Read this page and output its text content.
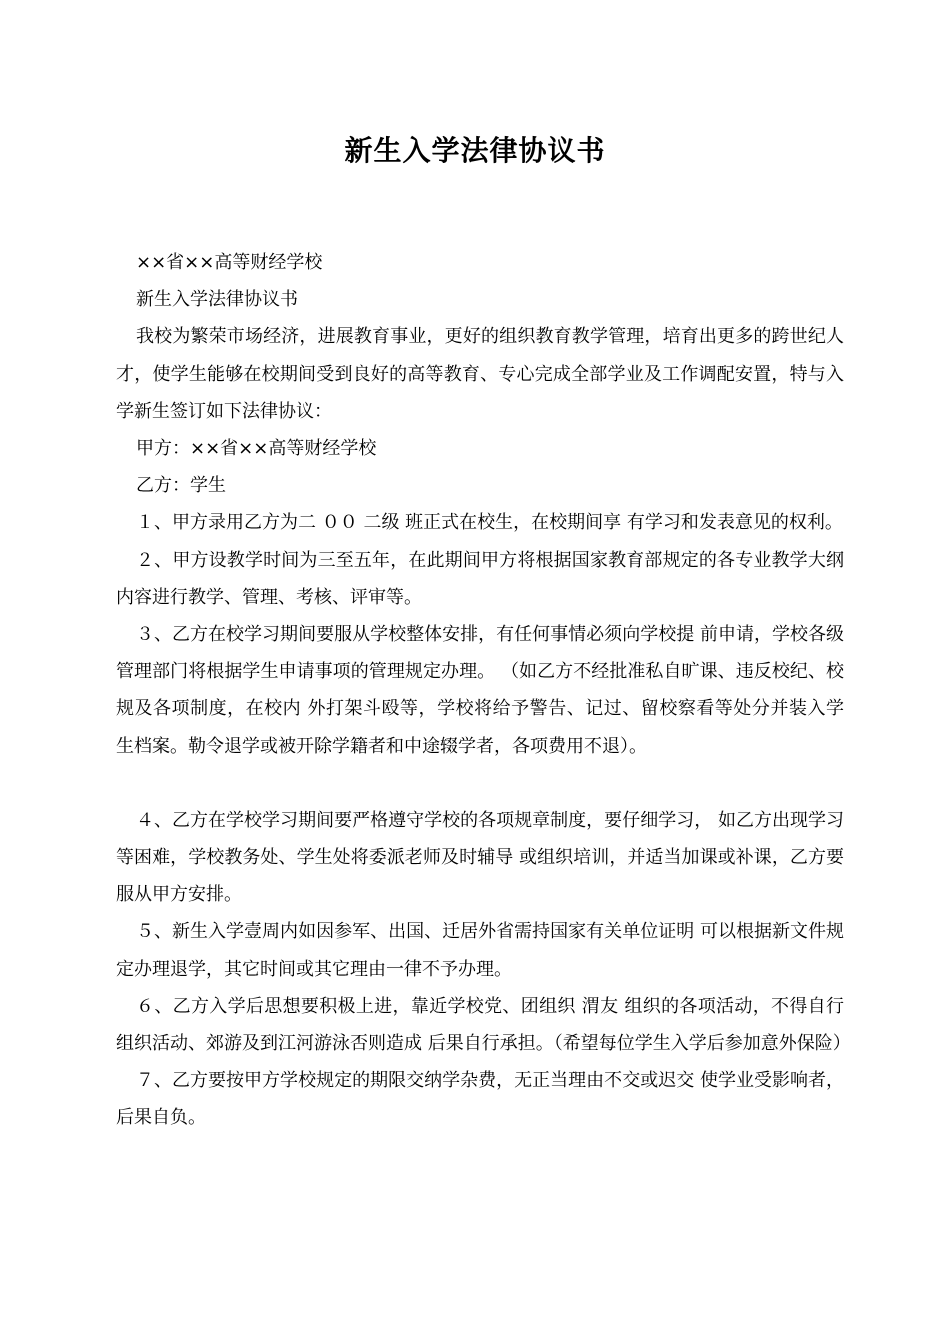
新生入学法律协议书

××省××高等财经学校

新生入学法律协议书

我校为繁荣市场经济，进展教育事业，更好的组织教育教学管理，培育出更多的跨世纪人才，使学生能够在校期间受到良好的高等教育、专心完成全部学业及工作调配安置，特与入学新生签订如下法律协议：

甲方：××省××高等财经学校

乙方：学生

１、甲方录用乙方为二 ００ 二级 班正式在校生，在校期间享 有学习和发表意见的权利。

２、甲方设教学时间为三至五年，在此期间甲方将根据国家教育部规定的各专业教学大纲内容进行教学、管理、考核、评审等。

３、乙方在校学习期间要服从学校整体安排，有任何事情必须向学校提 前申请，学校各级管理部门将根据学生申请事项的管理规定办理。 （如乙方不经批准私自旷课、违反校纪、校规及各项制度，在校内 外打架斗殴等，学校将给予警告、记过、留校察看等处分并装入学 生档案。勒令退学或被开除学籍者和中途辍学者，各项费用不退）。

４、乙方在学校学习期间要严格遵守学校的各项规章制度，要仔细学习， 如乙方出现学习等困难，学校教务处、学生处将委派老师及时辅导 或组织培训，并适当加课或补课，乙方要服从甲方安排。

５、新生入学壹周内如因参军、出国、迁居外省需持国家有关单位证明 可以根据新文件规定办理退学，其它时间或其它理由一律不予办理。

６、乙方入学后思想要积极上进，靠近学校党、团组织 渭友 组织的各项活动，不得自行组织活动、郊游及到江河游泳否则造成 后果自行承担。（希望每位学生入学后参加意外保险）

７、乙方要按甲方学校规定的期限交纳学杂费，无正当理由不交或迟交 使学业受影响者，后果自负。
